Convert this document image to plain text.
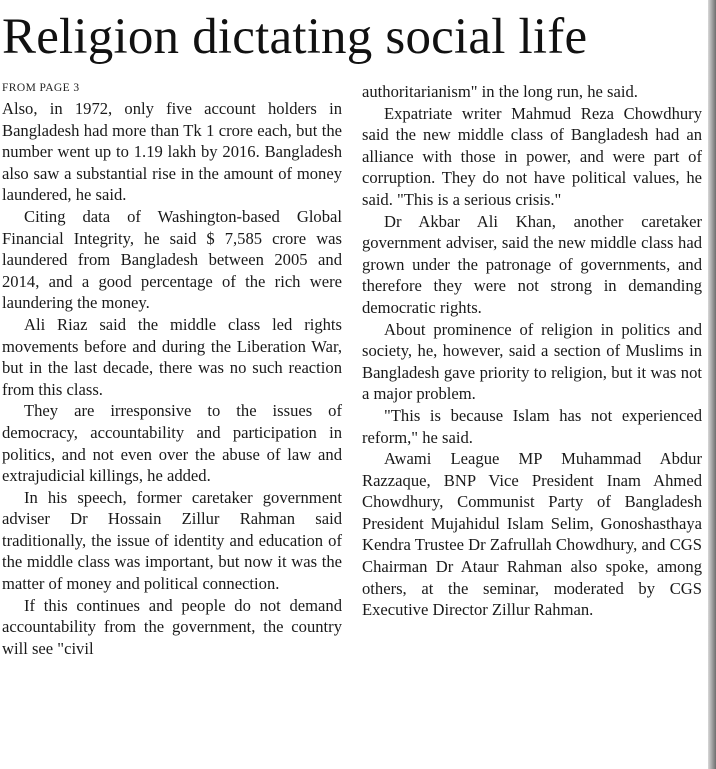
Religion dictating social life

FROM PAGE 3

Also, in 1972, only five account holders in Bangladesh had more than Tk 1 crore each, but the number went up to 1.19 lakh by 2016. Bangladesh also saw a substantial rise in the amount of money laundered, he said.

Citing data of Washington-based Global Financial Integrity, he said $ 7,585 crore was laundered from Bangladesh between 2005 and 2014, and a good percentage of the rich were laundering the money.

Ali Riaz said the middle class led rights movements before and during the Liberation War, but in the last decade, there was no such reaction from this class.

They are irresponsive to the issues of democracy, accountability and participation in politics, and not even over the abuse of law and extrajudicial killings, he added.

In his speech, former caretaker government adviser Dr Hossain Zillur Rahman said traditionally, the issue of identity and education of the middle class was important, but now it was the matter of money and political connection.

If this continues and people do not demand accountability from the government, the country will see "civil

authoritarianism" in the long run, he said.

Expatriate writer Mahmud Reza Chowdhury said the new middle class of Bangladesh had an alliance with those in power, and were part of corruption. They do not have political values, he said. "This is a serious crisis."

Dr Akbar Ali Khan, another caretaker government adviser, said the new middle class had grown under the patronage of governments, and therefore they were not strong in demanding democratic rights.

About prominence of religion in politics and society, he, however, said a section of Muslims in Bangladesh gave priority to religion, but it was not a major problem.

"This is because Islam has not experienced reform," he said.

Awami League MP Muhammad Abdur Razzaque, BNP Vice President Inam Ahmed Chowdhury, Communist Party of Bangladesh President Mujahidul Islam Selim, Gonoshasthaya Kendra Trustee Dr Zafrullah Chowdhury, and CGS Chairman Dr Ataur Rahman also spoke, among others, at the seminar, moderated by CGS Executive Director Zillur Rahman.
